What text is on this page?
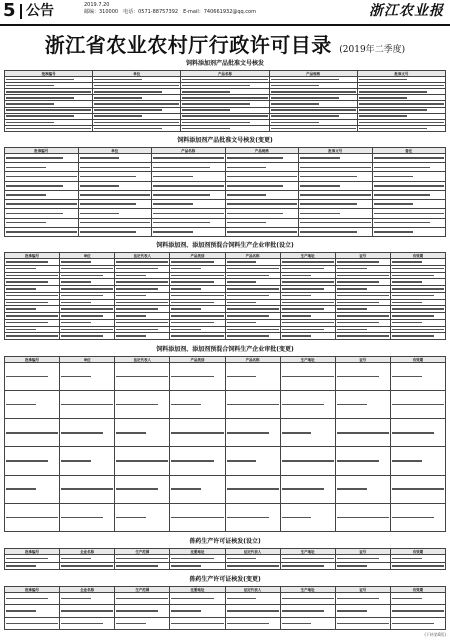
5 公告	2019.7.20
邮编：310000　电话：0571-88757392　E-mail：740661932@qq.com	浙江农业报
浙江省农业农村厅行政许可目录 (2019年二季度)
饲料添加剂产品批准文号核发
批准编号	单位	产品名称	产品规格	批准文号

饲料添加剂产品批准文号核发(变更)
批准编号	单位	产品名称	产品规格	批准文号	备注

饲料添加剂、添加剂预混合饲料生产企业审批(设立)
批准编号	单位	法定代表人	产品类别	产品名称	生产地址	证号	有效期

饲料添加剂、添加剂预混合饲料生产企业审批(变更)
批准编号	单位	法定代表人	产品类别	产品名称	生产地址	证号	有效期

兽药生产许可证核发(设立)
批准编号	企业名称	生产范围	注册地址	法定代表人	生产地址	证号	有效期

兽药生产许可证核发(变更)
批准编号	企业名称	生产范围	注册地址	法定代表人	生产地址	证号	有效期

(下转第6版)
